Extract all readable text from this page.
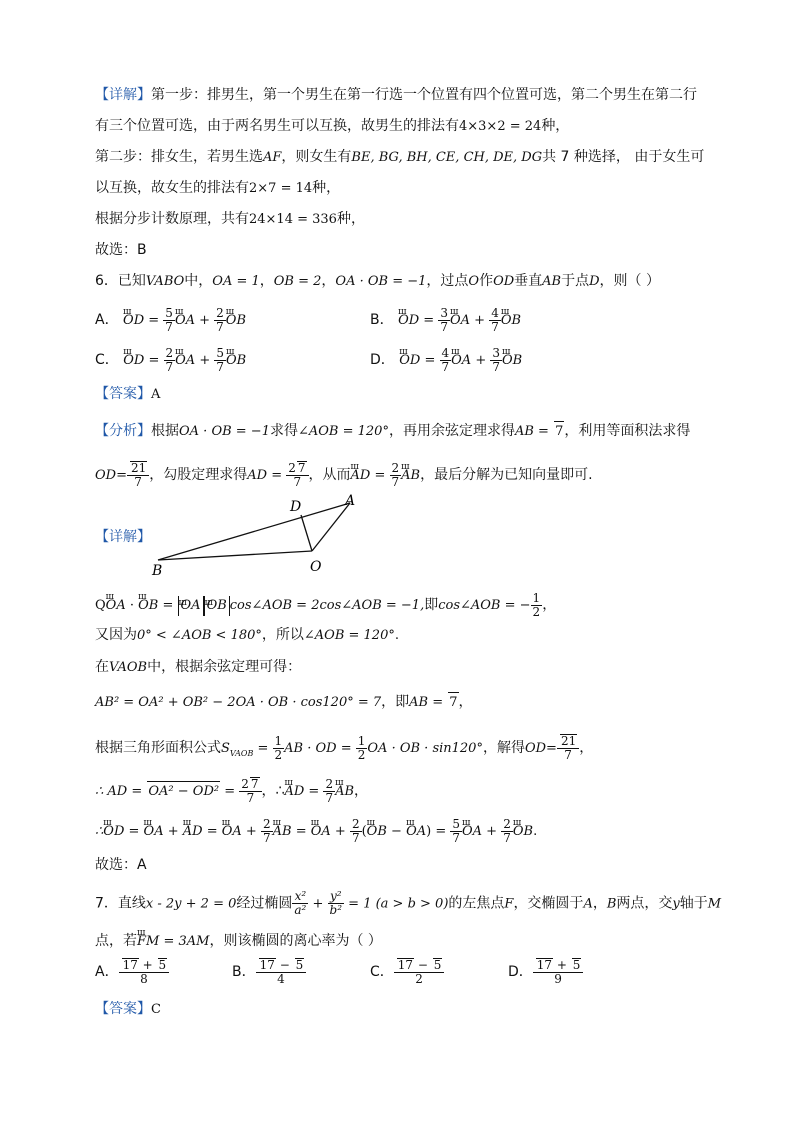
【详解】第一步：排男生，第一个男生在第一行选一个位置有四个位置可选，第二个男生在第二行
有三个位置可选，由于两名男生可以互换，故男生的排法有4×3×2 = 24种，
第二步：排女生，若男生选AF，则女生有BE, BG, BH, CE, CH, DE, DG共 7 种选择， 由于女生可
以互换，故女生的排法有2×7 = 14种，
根据分步计数原理，共有24×14 = 336种，
故选：B
6．已知VABO中，OA = 1，OB = 2，OA · OB = −1，过点O作OD垂直AB于点D，则（ ）
A． ш OD = $\frac{5}{7}$ ш OA + $\frac{2}{7}$ ш OB	B． ш OD = $\frac{3}{7}$ ш OA + $\frac{4}{7}$ ш OB
C． ш OD = $\frac{2}{7}$ ш OA + $\frac{5}{7}$ ш OB	D． ш OD = $\frac{4}{7}$ ш OA + $\frac{3}{7}$ ш OB
【答案】A
【分析】根据OA · OB = −1求得∠AOB = 120°，再用余弦定理求得AB = 7，利用等面积法求得
$OD= \frac{21}{7}$ ，勾股定理求得AD = $\frac{2 7}{7}$ ，从而ш AD = $\frac{2}{7}$ ш AB，最后分解为已知向量即可.
【详解】
A
B
D
O
Qш OA · ш OB = ш OA ш OB cos∠AOB = 2cos∠AOB = −1,即cos∠AOB = − $\frac{1}{2}$ ，
又因为0° < ∠AOB < 180°，所以∠AOB = 120°.
在VAOB中，根据余弦定理可得：
AB² = OA² + OB² − 2OA · OB · cos120° = 7，即AB = 7，
根据三角形面积公式$S_{VAOB} = \frac{1}{2}$ AB · OD = $\frac{1}{2}$ OA · OB · sin120°，解得$OD= \frac{21}{7}$ ，
∴ AD = $OA^2 - OD^2 = \frac{2 7}{7}$ ，∴ш AD = $\frac{2}{7}$ ш AB，
∴ш OD = ш OA + ш AD = ш OA + $\frac{2}{7}$ ш AB = ш OA + $\frac{2}{7} (ш$ OB − ш $OA) = \frac{5}{7}$ ш OA + $\frac{2}{7}$ ш OB.
故选：A
7．直线x - 2y + 2 = 0经过椭圆 $\frac{\text{x²}}{\text{a²}} + \frac{\text{y²}}{\text{b²}} = 1$ (a > b > 0)的左焦点F，交椭圆于A，B两点，交y轴于M
点，若ш FM = 3AM，则该椭圆的离心率为（ ）
A． $\frac{17 + 5}{8}$	B． $\frac{17 - 5}{4}$	C． $\frac{17 - 5}{2}$	D． $\frac{17 + 5}{9}$
【答案】C
